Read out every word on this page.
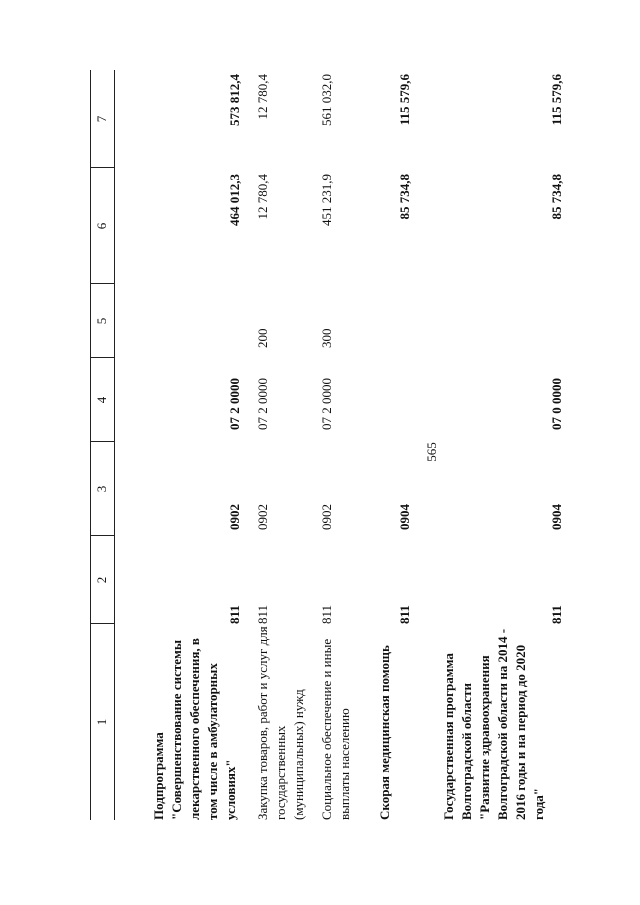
565
1
2
3
4
5
6
7
Подпрограмма "Совершенствование системы лекарственного обеспечения, в том числе в амбулаторных условиях"
811
0902
07 2 0000
464 012,3
573 812,4
Закупка товаров, работ и услуг для государственных (муниципальных) нужд
811
0902
07 2 0000
200
12 780,4
12 780,4
Социальное обеспечение и иные выплаты населению
811
0902
07 2 0000
300
451 231,9
561 032,0
Скорая медицинская помощь
811
0904
85 734,8
115 579,6
Государственная программа Волгоградской области "Развитие здравоохранения Волгоградской области на 2014 - 2016 годы и на период до 2020 года"
811
0904
07 0 0000
85 734,8
115 579,6
